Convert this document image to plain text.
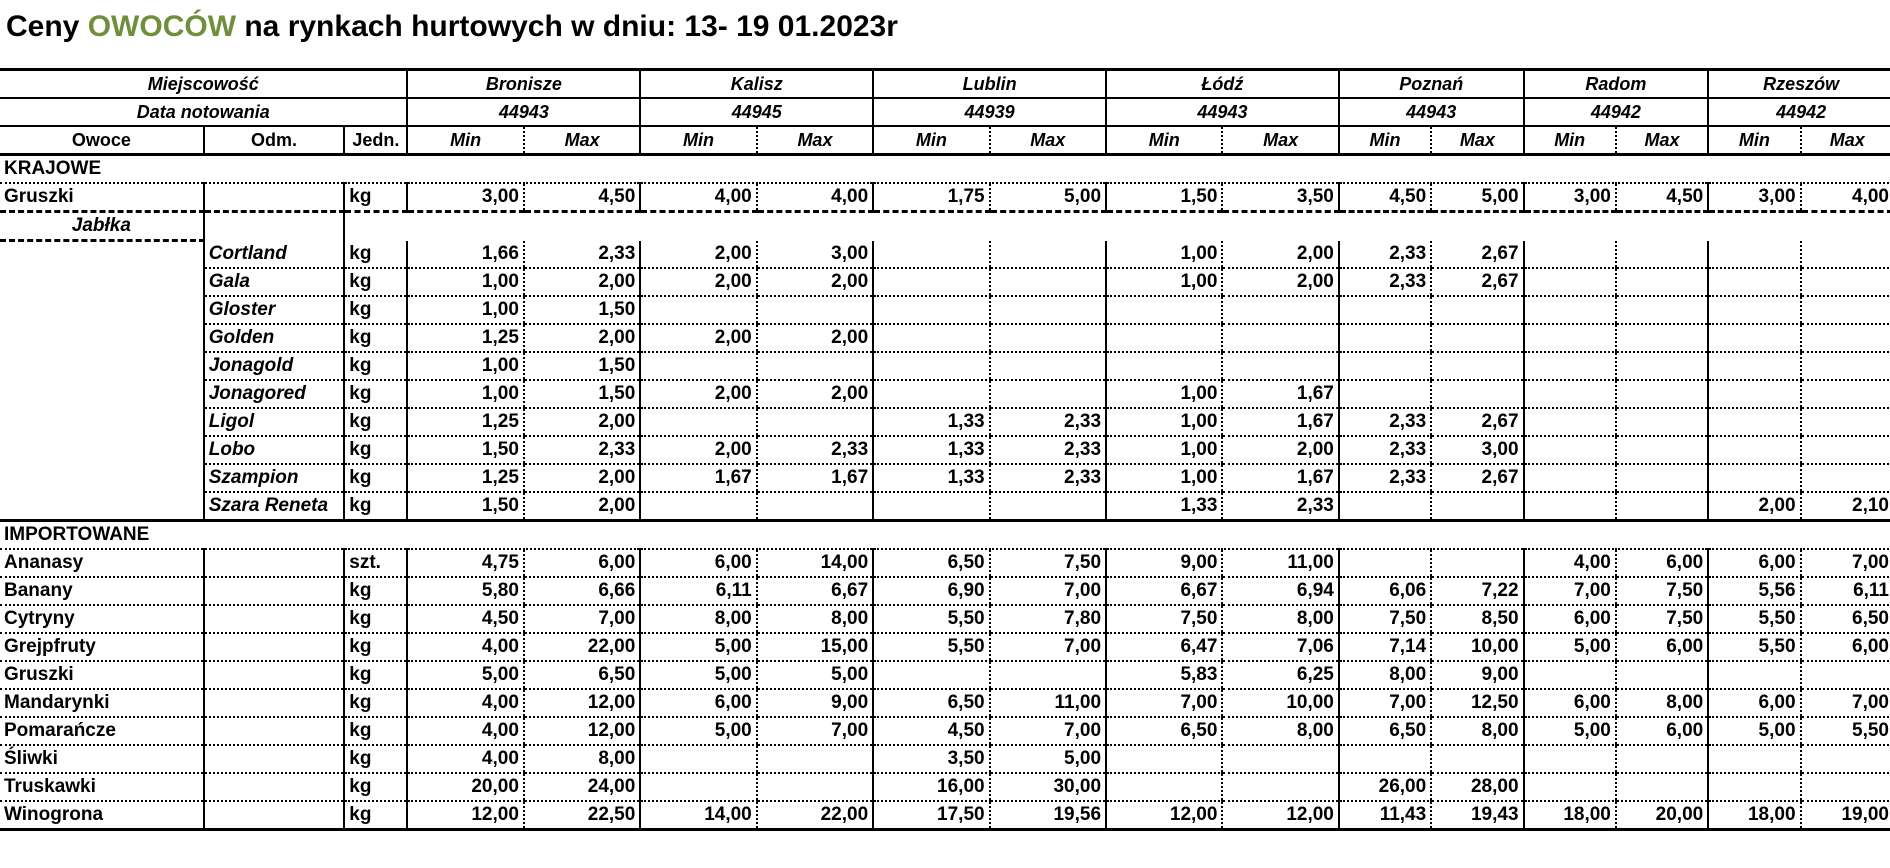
Ceny OWOCÓW na rynkach hurtowych w dniu: 13- 19 01.2023r
Miejscowość			Bronisze		Kalisz		Lublin		Łódź		Poznań		Radom		Rzeszów	
Data notowania			44943		44945		44939		44943		44943		44942		44942	
Owoce	Odm.	Jedn.	Min	Max	Min	Max	Min	Max	Min	Max	Min	Max	Min	Max	Min	Max
KRAJOWE																
Gruszki		kg	3,00	4,50	4,00	4,00	1,75	5,00	1,50	3,50	4,50	5,00	3,00	4,50	3,00	4,00
Jabłka																
	Cortland	kg	1,66	2,33	2,00	3,00			1,00	2,00	2,33	2,67				
	Gala	kg	1,00	2,00	2,00	2,00			1,00	2,00	2,33	2,67				
	Gloster	kg	1,00	1,50												
	Golden	kg	1,25	2,00	2,00	2,00										
	Jonagold	kg	1,00	1,50												
	Jonagored	kg	1,00	1,50	2,00	2,00			1,00	1,67						
	Ligol	kg	1,25	2,00			1,33	2,33	1,00	1,67	2,33	2,67				
	Lobo	kg	1,50	2,33	2,00	2,33	1,33	2,33	1,00	2,00	2,33	3,00				
	Szampion	kg	1,25	2,00	1,67	1,67	1,33	2,33	1,00	1,67	2,33	2,67				
	Szara Reneta	kg	1,50	2,00					1,33	2,33					2,00	2,10
IMPORTOWANE																
Ananasy		szt.	4,75	6,00	6,00	14,00	6,50	7,50	9,00	11,00			4,00	6,00	6,00	7,00
Banany		kg	5,80	6,66	6,11	6,67	6,90	7,00	6,67	6,94	6,06	7,22	7,00	7,50	5,56	6,11
Cytryny		kg	4,50	7,00	8,00	8,00	5,50	7,80	7,50	8,00	7,50	8,50	6,00	7,50	5,50	6,50
Grejpfruty		kg	4,00	22,00	5,00	15,00	5,50	7,00	6,47	7,06	7,14	10,00	5,00	6,00	5,50	6,00
Gruszki		kg	5,00	6,50	5,00	5,00			5,83	6,25	8,00	9,00				
Mandarynki		kg	4,00	12,00	6,00	9,00	6,50	11,00	7,00	10,00	7,00	12,50	6,00	8,00	6,00	7,00
Pomarańcze		kg	4,00	12,00	5,00	7,00	4,50	7,00	6,50	8,00	6,50	8,00	5,00	6,00	5,00	5,50
Śliwki		kg	4,00	8,00			3,50	5,00								
Truskawki		kg	20,00	24,00			16,00	30,00			26,00	28,00				
Winogrona		kg	12,00	22,50	14,00	22,00	17,50	19,56	12,00	12,00	11,43	19,43	18,00	20,00	18,00	19,00
